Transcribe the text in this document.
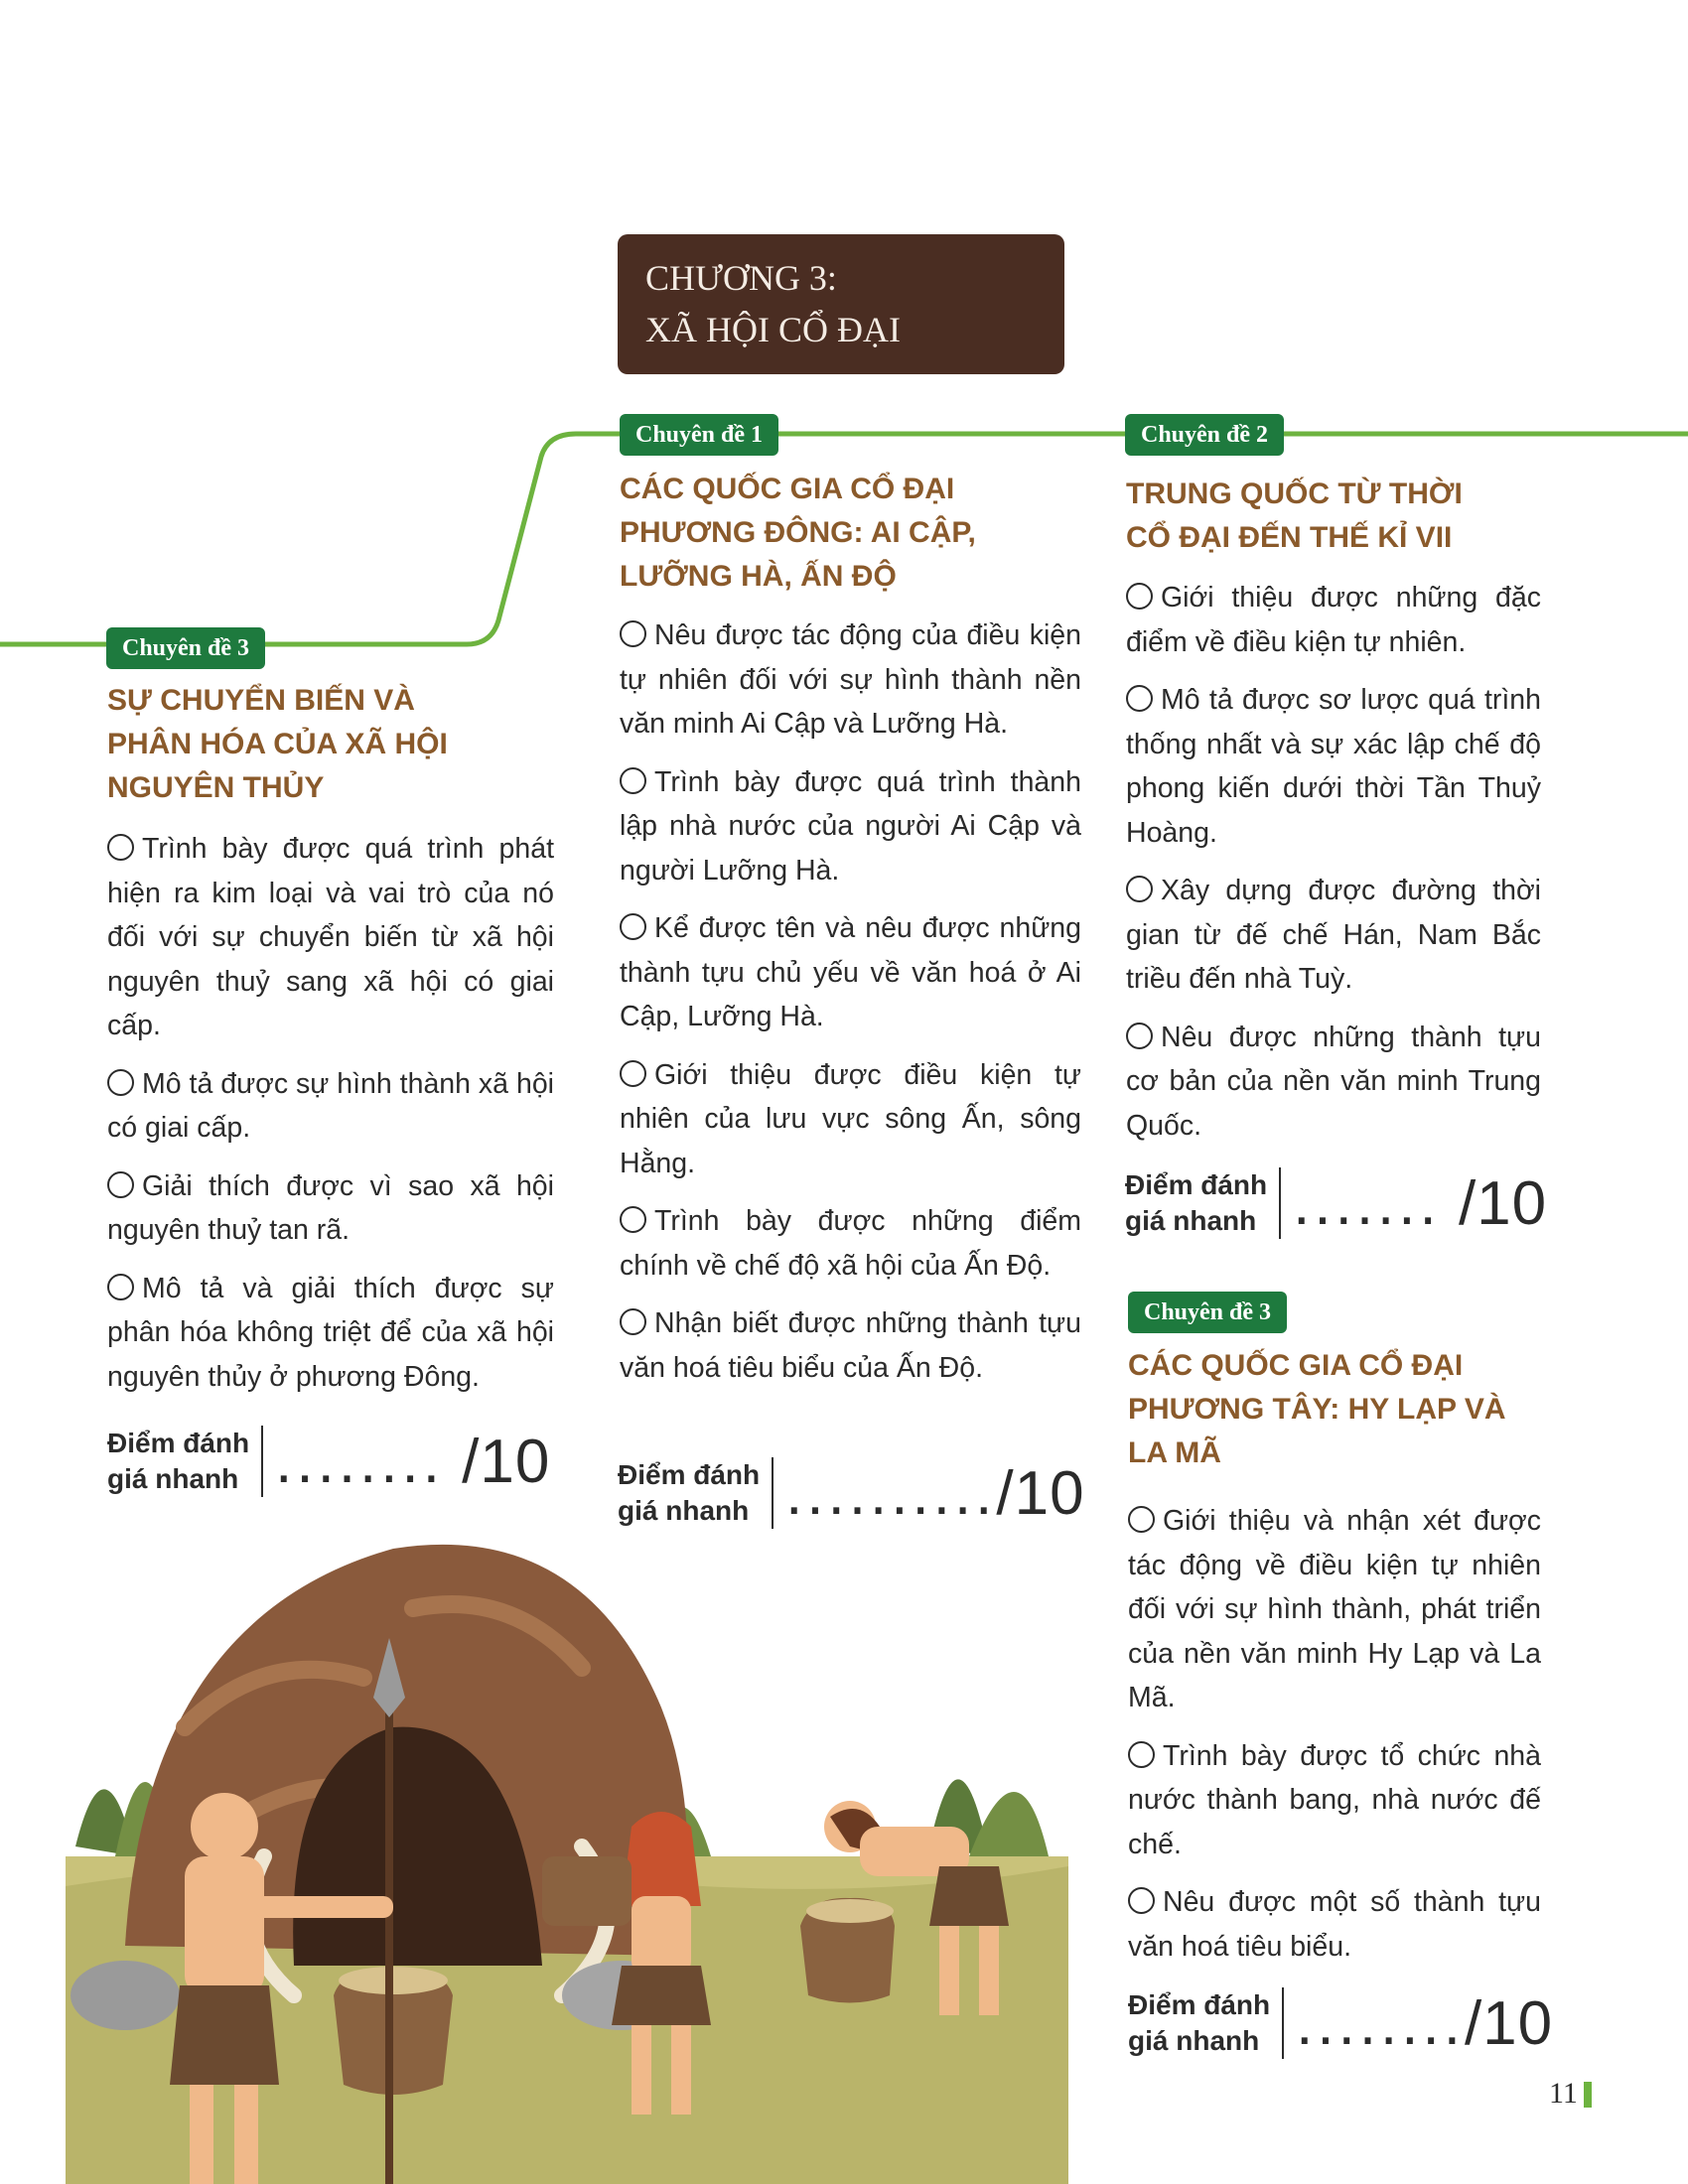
CHƯƠNG 3:
XÃ HỘI CỔ ĐẠI
Chuyên đề 3
SỰ CHUYỂN BIẾN VÀ
PHÂN HÓA CỦA XÃ HỘI
NGUYÊN THỦY
Trình bày được quá trình phát hiện ra kim loại và vai trò của nó đối với sự chuyển biến từ xã hội nguyên thuỷ sang xã hội có giai cấp.
Mô tả được sự hình thành xã hội có giai cấp.
Giải thích được vì sao xã hội nguyên thuỷ tan rã.
Mô tả và giải thích được sự phân hóa không triệt để của xã hội nguyên thủy ở phương Đông.
Điểm đánh
giá nhanh ........ /10
Chuyên đề 1
CÁC QUỐC GIA CỔ ĐẠI
PHƯƠNG ĐÔNG: AI CẬP,
LƯỠNG HÀ, ẤN ĐỘ
Nêu được tác động của điều kiện tự nhiên đối với sự hình thành nền văn minh Ai Cập và Lưỡng Hà.
Trình bày được quá trình thành lập nhà nước của người Ai Cập và người Lưỡng Hà.
Kể được tên và nêu được những thành tựu chủ yếu về văn hoá ở Ai Cập, Lưỡng Hà.
Giới thiệu được điều kiện tự nhiên của lưu vực sông Ấn, sông Hằng.
Trình bày được những điểm chính về chế độ xã hội của Ấn Độ.
Nhận biết được những thành tựu văn hoá tiêu biểu của Ấn Độ.
Điểm đánh
giá nhanh ........../10
Chuyên đề 2
TRUNG QUỐC TỪ THỜI
CỔ ĐẠI ĐẾN THẾ KỈ VII
Giới thiệu được những đặc điểm về điều kiện tự nhiên.
Mô tả được sơ lược quá trình thống nhất và sự xác lập chế độ phong kiến dưới thời Tần Thuỷ Hoàng.
Xây dựng được đường thời gian từ đế chế Hán, Nam Bắc triều đến nhà Tuỳ.
Nêu được những thành tựu cơ bản của nền văn minh Trung Quốc.
Điểm đánh
giá nhanh ....... /10
Chuyên đề 3
CÁC QUỐC GIA CỔ ĐẠI
PHƯƠNG TÂY: HY LẠP VÀ
LA MÃ
Giới thiệu và nhận xét được tác động về điều kiện tự nhiên đối với sự hình thành, phát triển của nền văn minh Hy Lạp và La Mã.
Trình bày được tổ chức nhà nước thành bang, nhà nước đế chế.
Nêu được một số thành tựu văn hoá tiêu biểu.
Điểm đánh
giá nhanh ......../10
11
